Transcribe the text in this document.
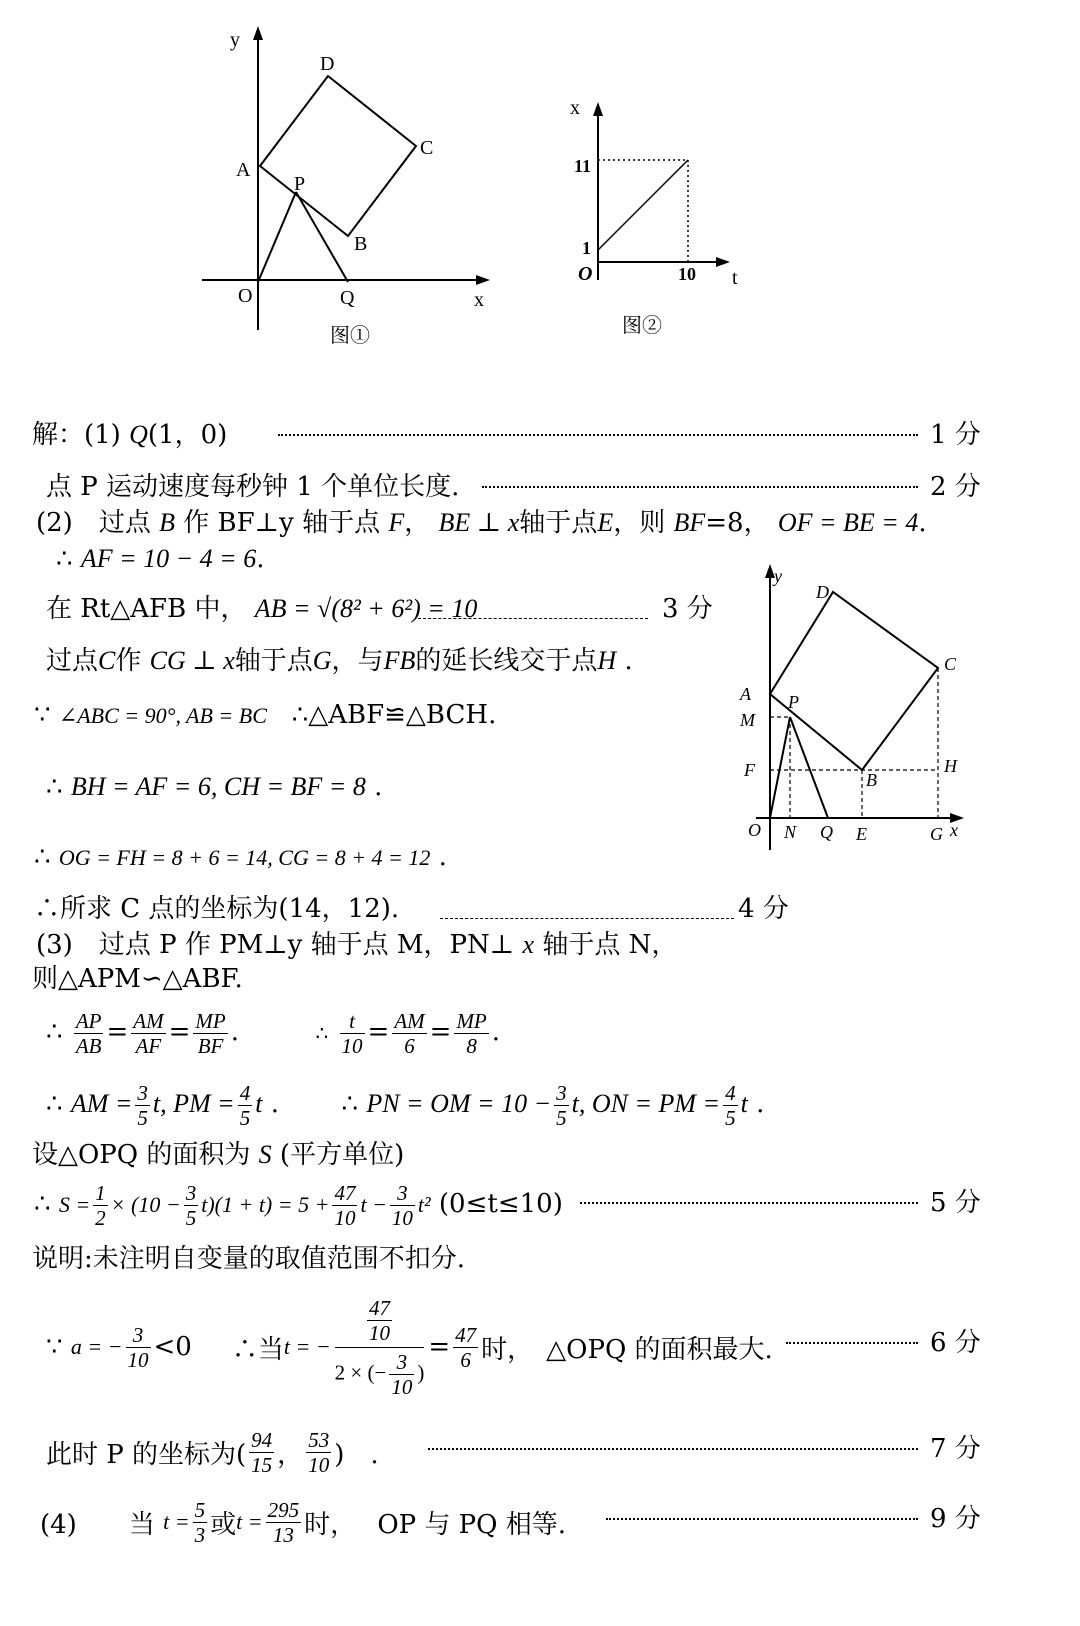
y
x
O
A
D
C
B
P
Q
图①
x
t
O
11
1
10
图②
y
x
O
A
M
F
D
C
H
B
P
N Q E	G
解：(1) Q(1，0)	1 分
点 P 运动速度每秒钟 1 个单位长度.	2 分
(2)　过点 B 作 BF⊥y 轴于点 F， BE ⊥ x轴于点E，则 BF=8， OF = BE = 4.
∴ AF = 10 − 4 = 6.
在 Rt△AFB 中， AB = √(8² + 6²) = 10	3 分
过点C作 CG ⊥ x轴于点G，与FB的延长线交于点H .
∵ ∠ABC = 90°, AB = BC ∴△ABF≌△BCH.
∴ BH = AF = 6, CH = BF = 8 .
∴ OG = FH = 8 + 6 = 14, CG = 8 + 4 = 12 .
∴所求 C 点的坐标为(14，12).	4 分
(3)　过点 P 作 PM⊥y 轴于点 M，PN⊥ x 轴于点 N，
则△APM∽△ABF.
∴ $\frac{AP}{AB} = \frac{AM}{AF} = \frac{MP}{BF}$ .	∴ $\frac{t}{10} = \frac{AM}{6} = \frac{MP}{8}$ .
∴ AM = $\frac{3}{5} t$, PM = $\frac{4}{5}$ t . ∴ PN = OM = $10 - \frac{3}{5} t$, ON = PM = $\frac{4}{5}$ t .
设△OPQ 的面积为 S (平方单位)
∴ $S = \frac{1}{2} \times (10 - \frac{3}{5} t)(1 + t) = 5 + \frac{47}{10}$ $t - \frac{3}{10} t^2$ (0≤t≤10)	5 分
说明:未注明自变量的取值范围不扣分.
∵
a = − $\frac{3}{10} <0$ ∴当 t = − $\frac{\frac{47}{10}}{2 \times (- \frac{3}{10} )} = \frac{47}{6}$ 时，　△OPQ 的面积最大.	6 分
此时 P 的坐标为( $\frac{94}{15}$ ， $\frac{53}{10}$ )　.	7 分
(4)　　当
$t = \frac{5}{3}$ 或 $t = \frac{295}{13}$ 时，　 OP 与 PQ 相等.	9 分
